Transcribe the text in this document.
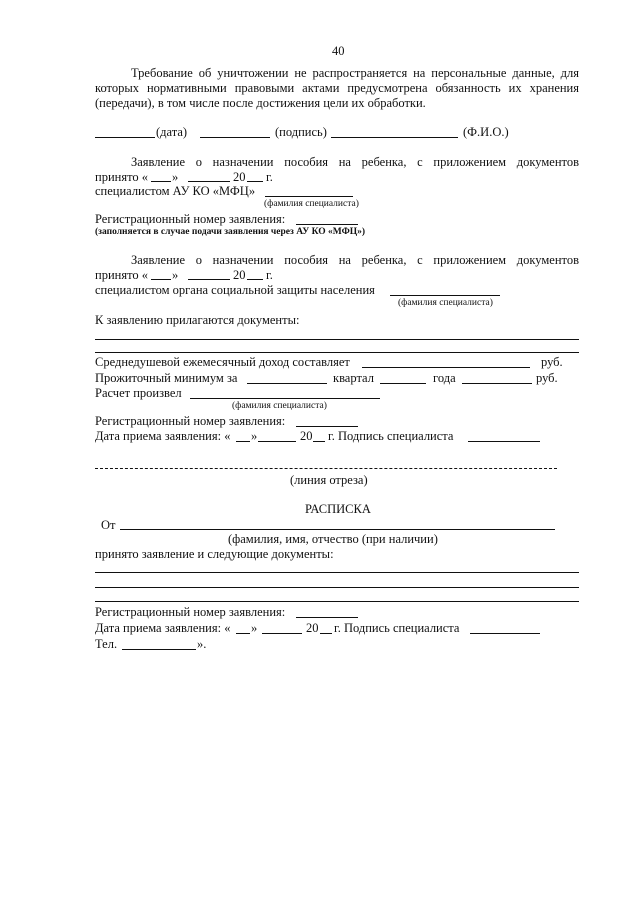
40
Требование об уничтожении не распространяется на персональные данные, для
которых нормативными правовыми актами предусмотрена обязанность их хранения
(передачи), в том числе после достижения цели их обработки.
(дата)	(подпись)	(Ф.И.О.)
Заявление о назначении пособия на ребенка, с приложением документов
принято « »	20 г.
специалистом АУ КО «МФЦ»
(фамилия специалиста)
Регистрационный номер заявления:
(заполняется в случае подачи заявления через АУ КО «МФЦ»)
Заявление о назначении пособия на ребенка, с приложением документов
принято « »	20 г.
специалистом органа социальной защиты населения
(фамилия специалиста)
К заявлению прилагаются документы:
Среднедушевой ежемесячный доход составляет	руб.
Прожиточный минимум за	квартал	года	руб.
Расчет произвел
(фамилия специалиста)
Регистрационный номер заявления:
Дата приема заявления: « »	20 г. Подпись специалиста
(линия отреза)
РАСПИСКА
От
(фамилия, имя, отчество (при наличии)
принято заявление и следующие документы:
Регистрационный номер заявления:
Дата приема заявления: « »	20 г. Подпись специалиста
Тел.	».
